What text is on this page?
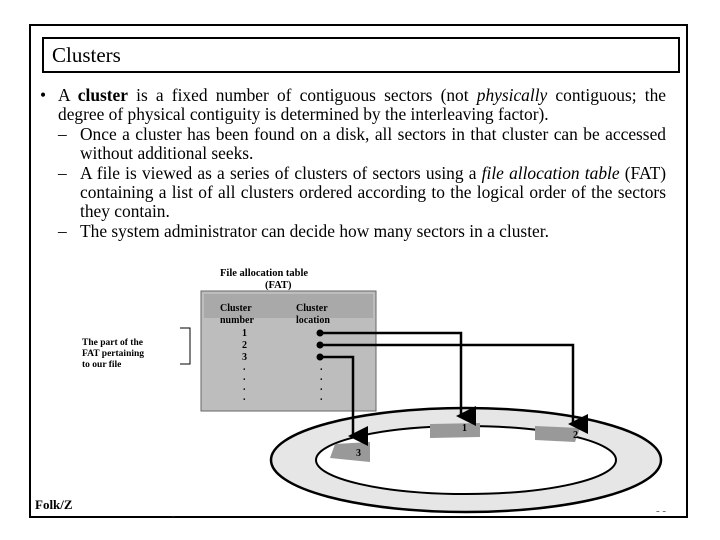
Clusters
• A cluster is a fixed number of contiguous sectors (not physically contiguous; the degree of physical contiguity is determined by the interleaving factor).
– Once a cluster has been found on a disk, all sectors in that cluster can be accessed without additional seeks.
– A file is viewed as a series of clusters of sectors using a file allocation table (FAT) containing a list of all clusters ordered according to the logical order of the sectors they contain.
– The system administrator can decide how many sectors in a cluster.
File allocation table
(FAT)
Cluster
number
Cluster
location
1
2
3
.
.
.
.
.
.
.
.
The part of the
FAT pertaining
to our file
1
2
3
Folk/Z
.	- -
